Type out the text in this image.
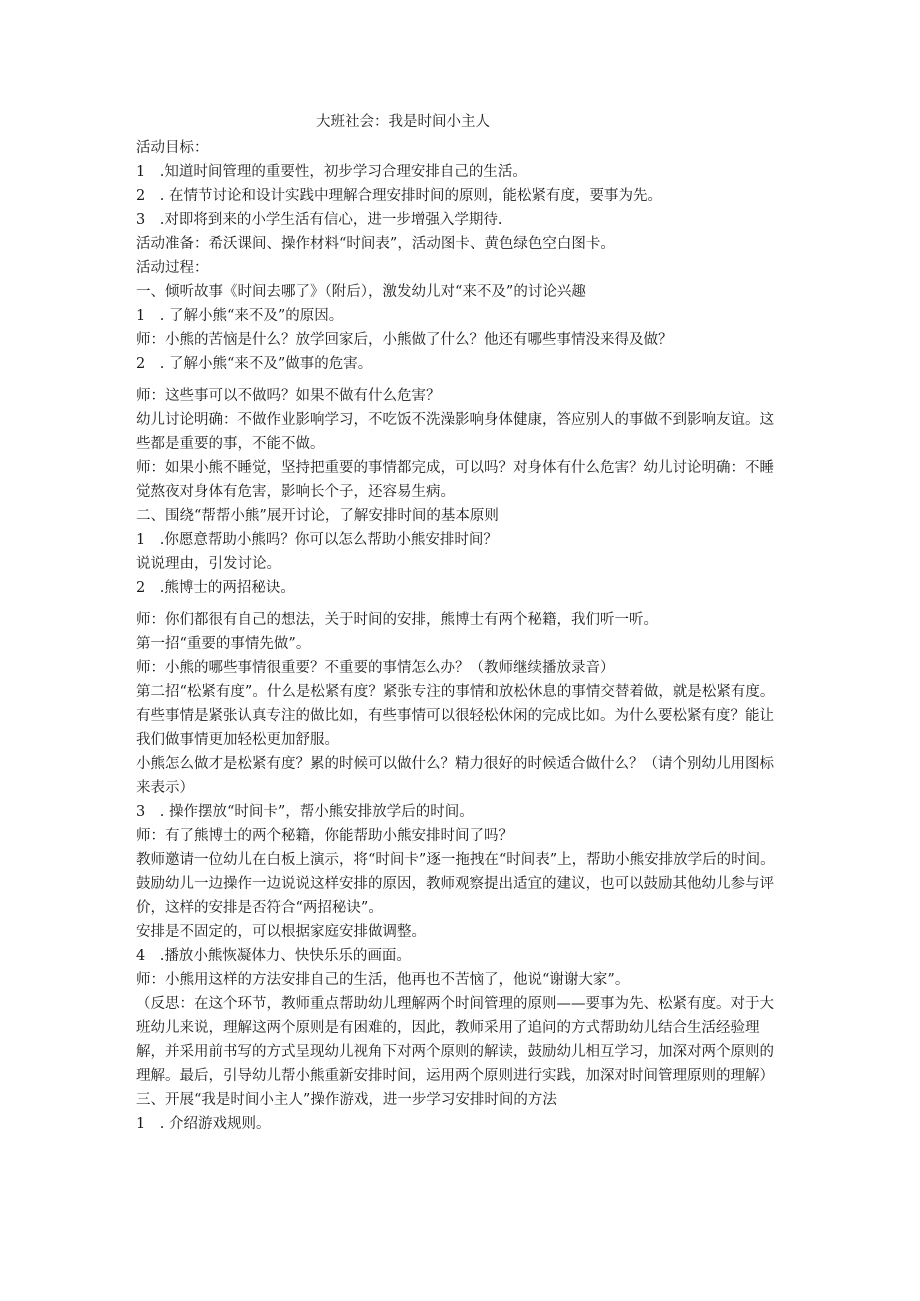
大班社会：我是时间小主人

活动目标：

1　.知道时间管理的重要性，初步学习合理安排自己的生活。

2　. 在情节讨论和设计实践中理解合理安排时间的原则，能松紧有度，要事为先。

3　.对即将到来的小学生活有信心，进一步增强入学期待.

活动准备：希沃课间、操作材料“时间表”，活动图卡、黄色绿色空白图卡。

活动过程：

一、倾听故事《时间去哪了》（附后），激发幼儿对“来不及”的讨论兴趣

1　. 了解小熊“来不及”的原因。

师：小熊的苦恼是什么？放学回家后，小熊做了什么？他还有哪些事情没来得及做？

2　. 了解小熊“来不及”做事的危害。

师：这些事可以不做吗？如果不做有什么危害？

幼儿讨论明确：不做作业影响学习，不吃饭不洗澡影响身体健康，答应别人的事做不到影响友谊。这些都是重要的事，不能不做。

师：如果小熊不睡觉，坚持把重要的事情都完成，可以吗？对身体有什么危害？幼儿讨论明确：不睡觉熬夜对身体有危害，影响长个子，还容易生病。

二、围绕“帮帮小熊”展开讨论，了解安排时间的基本原则

1　.你愿意帮助小熊吗？你可以怎么帮助小熊安排时间？

说说理由，引发讨论。

2　.熊博士的两招秘诀。

师：你们都很有自己的想法，关于时间的安排，熊博士有两个秘籍，我们听一听。

第一招“重要的事情先做”。

师：小熊的哪些事情很重要？不重要的事情怎么办？（教师继续播放录音）

第二招“松紧有度”。什么是松紧有度？紧张专注的事情和放松休息的事情交替着做，就是松紧有度。有些事情是紧张认真专注的做比如，有些事情可以很轻松休闲的完成比如。为什么要松紧有度？能让我们做事情更加轻松更加舒服。

小熊怎么做才是松紧有度？累的时候可以做什么？精力很好的时候适合做什么？（请个别幼儿用图标来表示）

3　. 操作摆放“时间卡”，帮小熊安排放学后的时间。

师：有了熊博士的两个秘籍，你能帮助小熊安排时间了吗？

教师邀请一位幼儿在白板上演示，将“时间卡”逐一拖拽在“时间表”上，帮助小熊安排放学后的时间。鼓励幼儿一边操作一边说说这样安排的原因，教师观察提出适宜的建议，也可以鼓励其他幼儿参与评价，这样的安排是否符合“两招秘诀”。

安排是不固定的，可以根据家庭安排做调整。

4　.播放小熊恢凝体力、快快乐乐的画面。

师：小熊用这样的方法安排自己的生活，他再也不苦恼了，他说“谢谢大家”。

（反思：在这个环节，教师重点帮助幼儿理解两个时间管理的原则——要事为先、松紧有度。对于大班幼儿来说，理解这两个原则是有困难的，因此，教师采用了追问的方式帮助幼儿结合生活经验理解，并采用前书写的方式呈现幼儿视角下对两个原则的解读，鼓励幼儿相互学习，加深对两个原则的理解。最后，引导幼儿帮小熊重新安排时间，运用两个原则进行实践，加深对时间管理原则的理解）

三、开展“我是时间小主人”操作游戏，进一步学习安排时间的方法

1　. 介绍游戏规则。
